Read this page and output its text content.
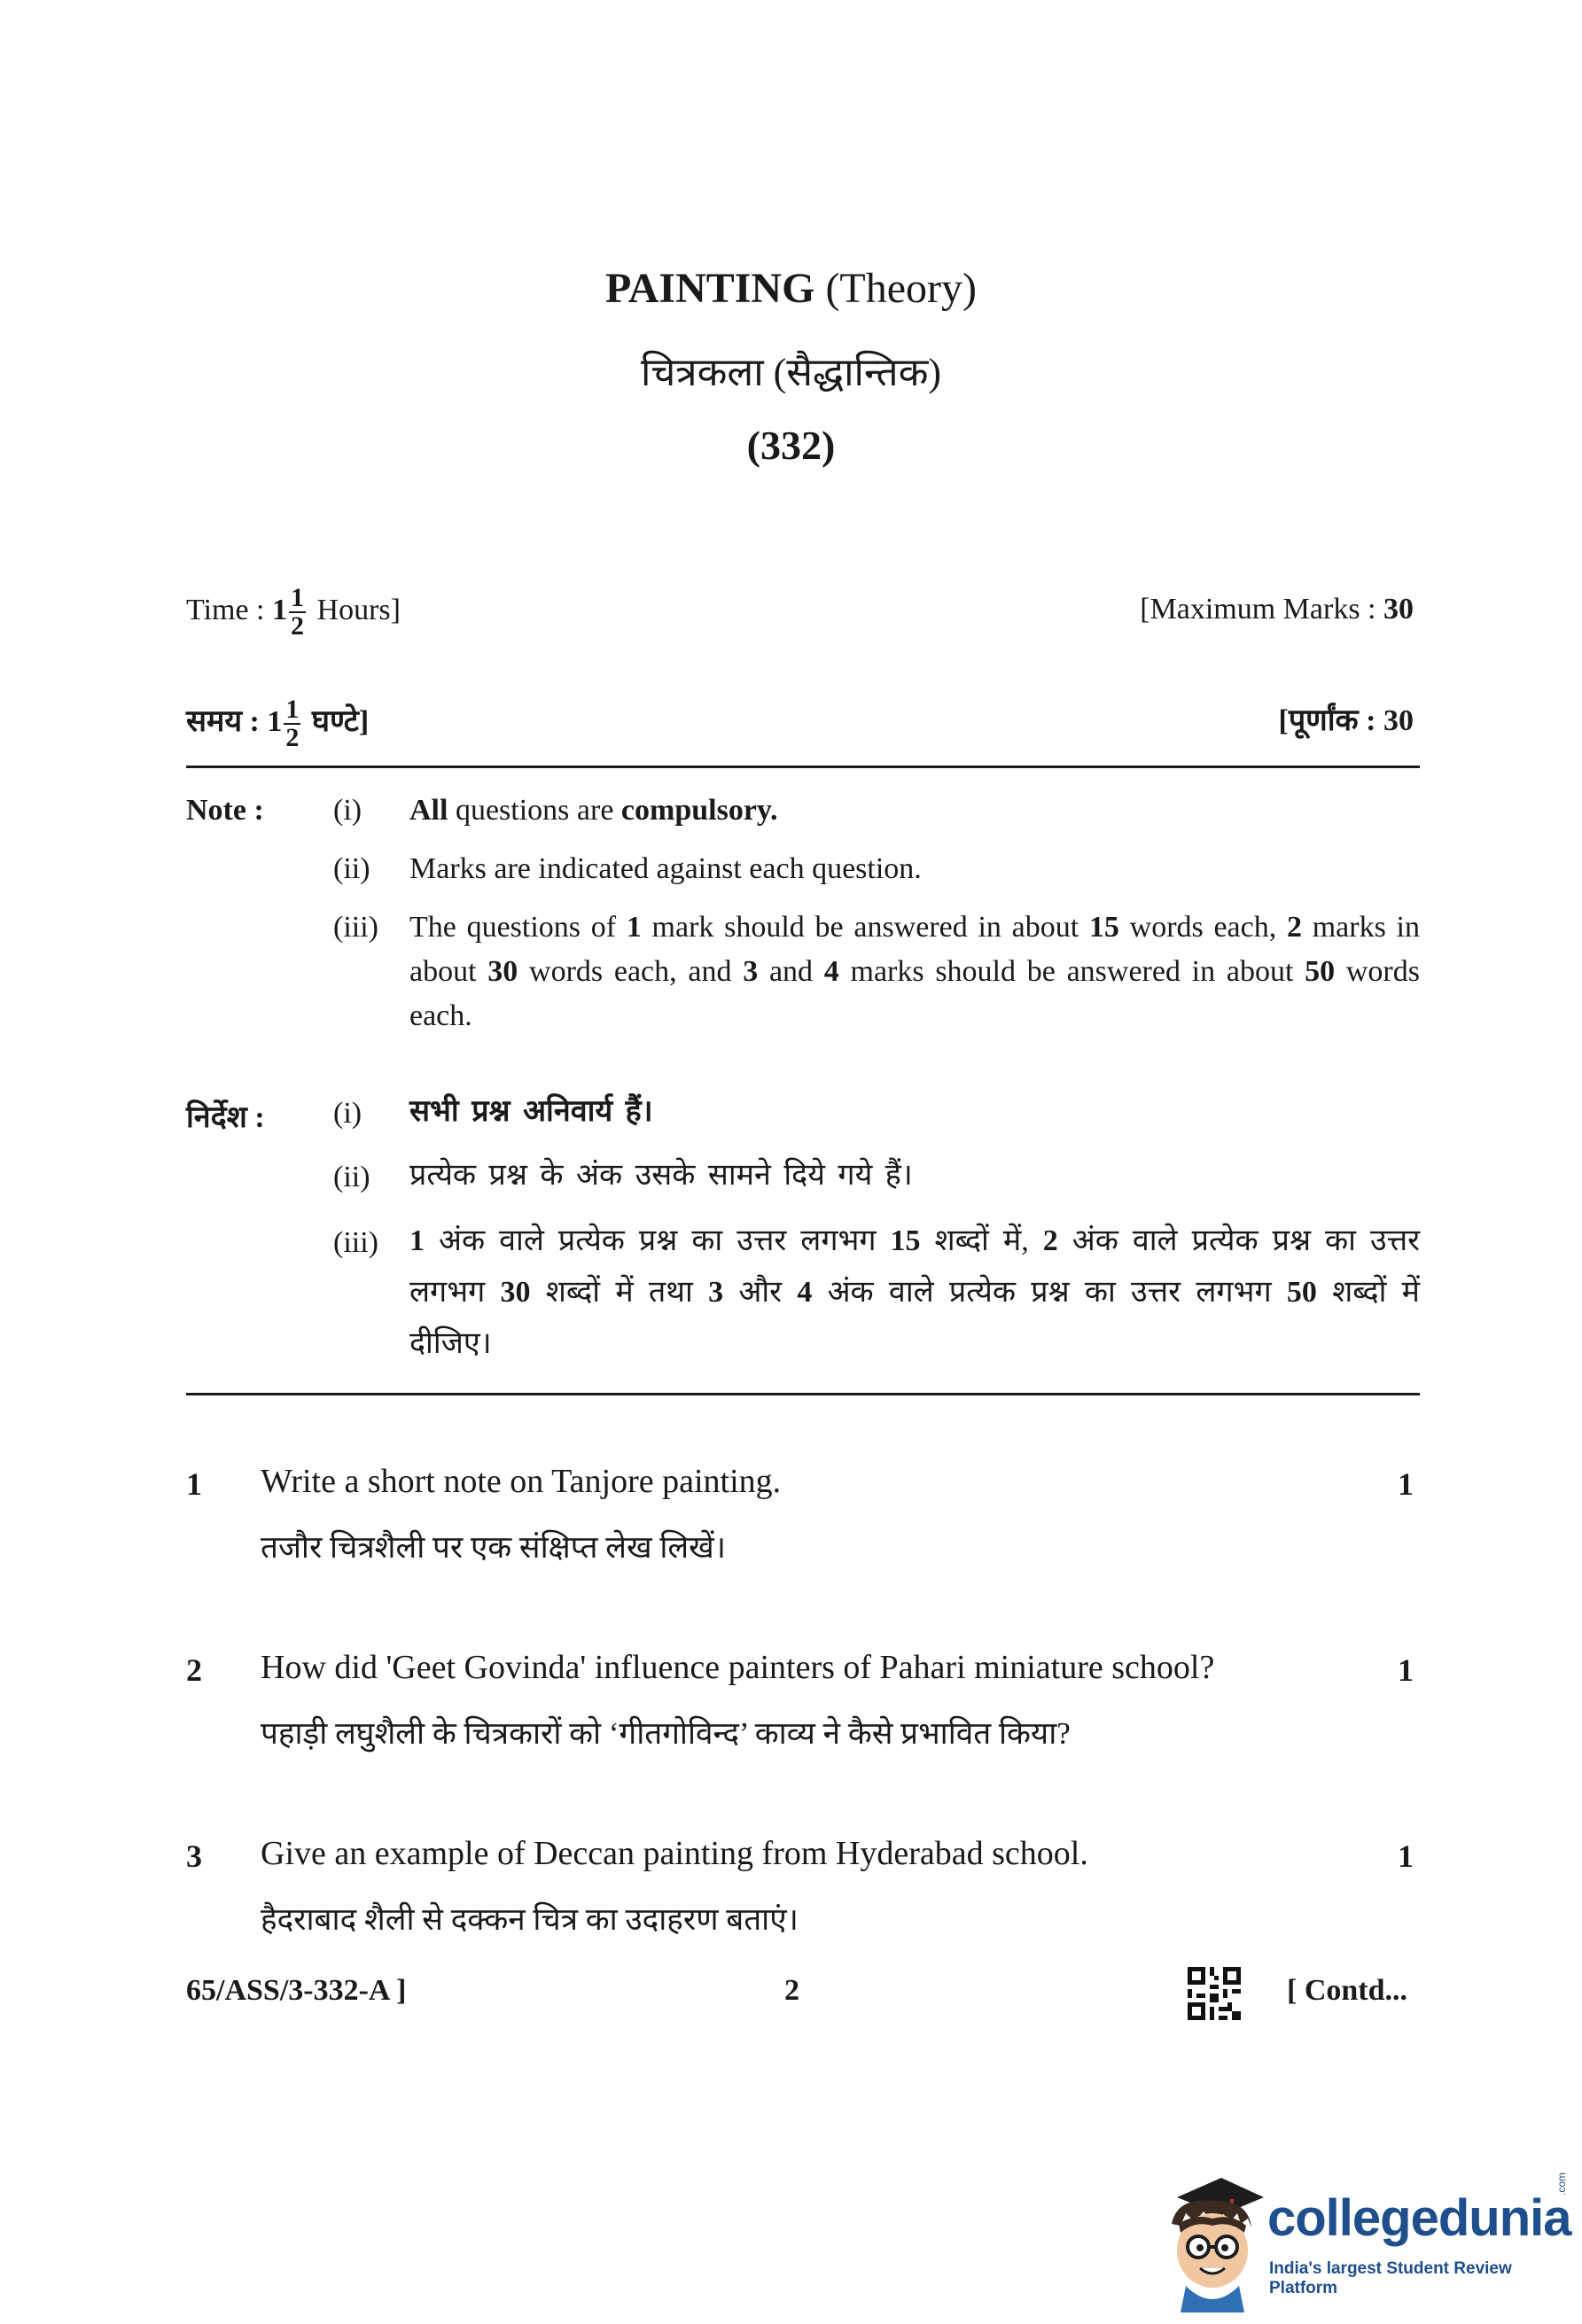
PAINTING (Theory)
चित्रकला (सैद्धान्तिक)
(332)
Time : $1 \frac{1}{2}$ Hours]	[Maximum Marks : 30
समय : $1 \frac{1}{2}$ घण्टे]	[पूर्णांक : 30
Note : (i) All questions are compulsory.
(ii) Marks are indicated against each question.
(iii) The questions of 1 mark should be answered in about 15 words each, 2 marks in about 30 words each, and 3 and 4 marks should be answered in about 50 words each.
निर्देश : (i) सभी प्रश्न अनिवार्य हैं।
(ii) प्रत्येक प्रश्न के अंक उसके सामने दिये गये हैं।
(iii) 1 अंक वाले प्रत्येक प्रश्न का उत्तर लगभग 15 शब्दों में, 2 अंक वाले प्रत्येक प्रश्न का उत्तर लगभग 30 शब्दों में तथा 3 और 4 अंक वाले प्रत्येक प्रश्न का उत्तर लगभग 50 शब्दों में दीजिए।
1 Write a short note on Tanjore painting.	1
तजौर चित्रशैली पर एक संक्षिप्त लेख लिखें।
2 How did 'Geet Govinda' influence painters of Pahari miniature school?	1
पहाड़ी लघुशैली के चित्रकारों को ‘गीतगोविन्द’ काव्य ने कैसे प्रभावित किया?
3 Give an example of Deccan painting from Hyderabad school.	1
हैदराबाद शैली से दक्कन चित्र का उदाहरण बताएं।
65/ASS/3-332-A ]	2	[ Contd...
collegedunia
.com
India's largest Student Review Platform
